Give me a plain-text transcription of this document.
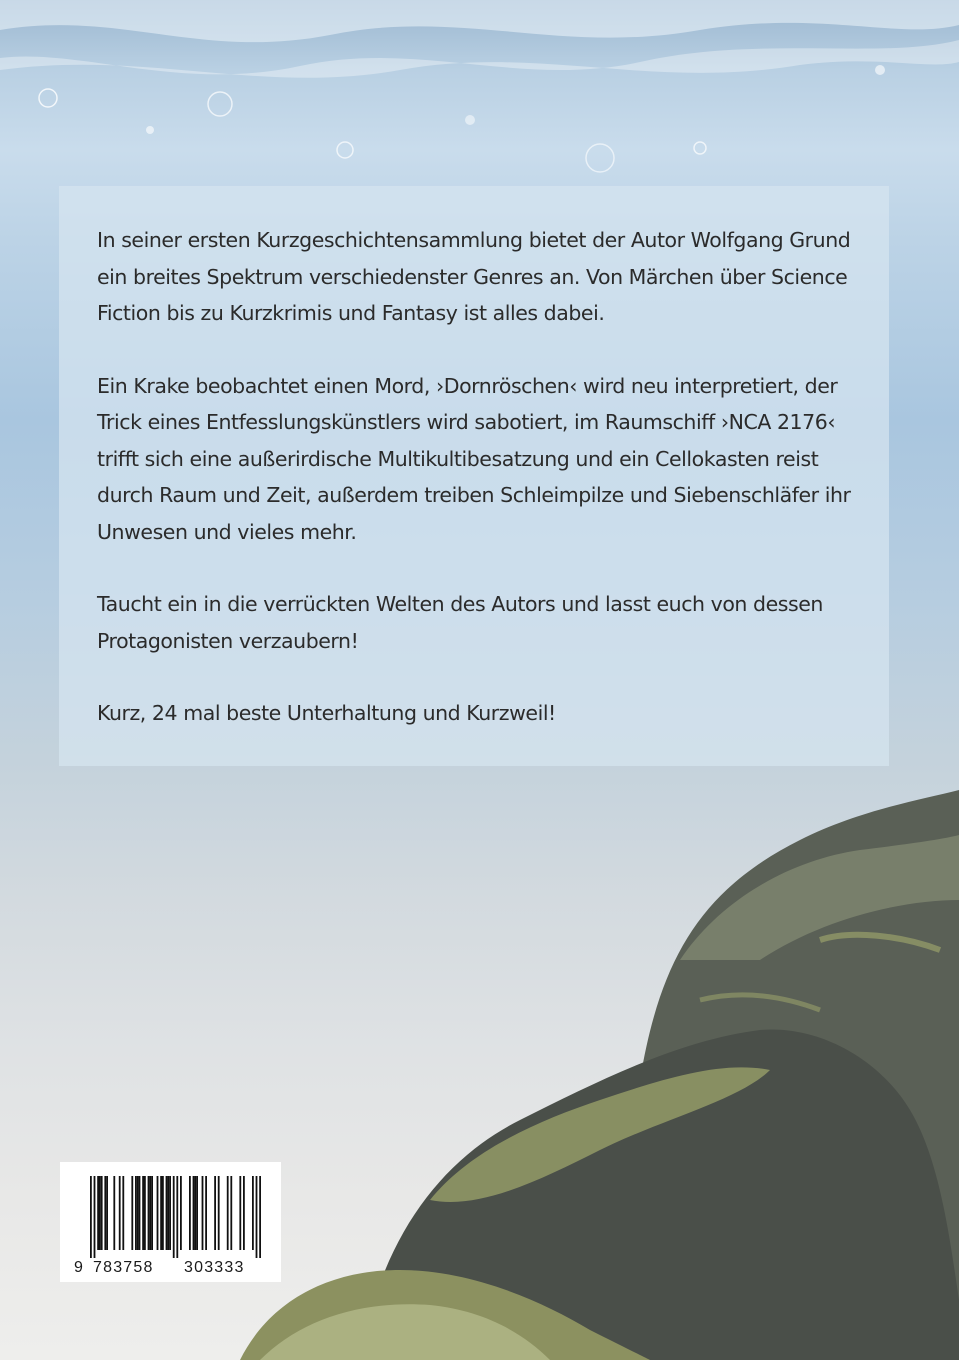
In seiner ersten Kurzgeschichtensammlung bietet der Autor Wolfgang Grund ein breites Spektrum verschiedenster Genres an. Von Märchen über Science Fiction bis zu Kurzkrimis und Fantasy ist alles dabei.

Ein Krake beobachtet einen Mord, ›Dornröschen‹ wird neu interpretiert, der Trick eines Entfesslungskünstlers wird sabotiert, im Raumschiff ›NCA 2176‹ trifft sich eine außerirdische Multikultibesatzung und ein Cellokasten reist durch Raum und Zeit, außerdem treiben Schleimpilze und Siebenschläfer ihr Unwesen und vieles mehr.

Taucht ein in die verrückten Welten des Autors und lasst euch von dessen Protagonisten verzaubern!

Kurz, 24 mal beste Unterhaltung und Kurzweil!

9 783758 303333
